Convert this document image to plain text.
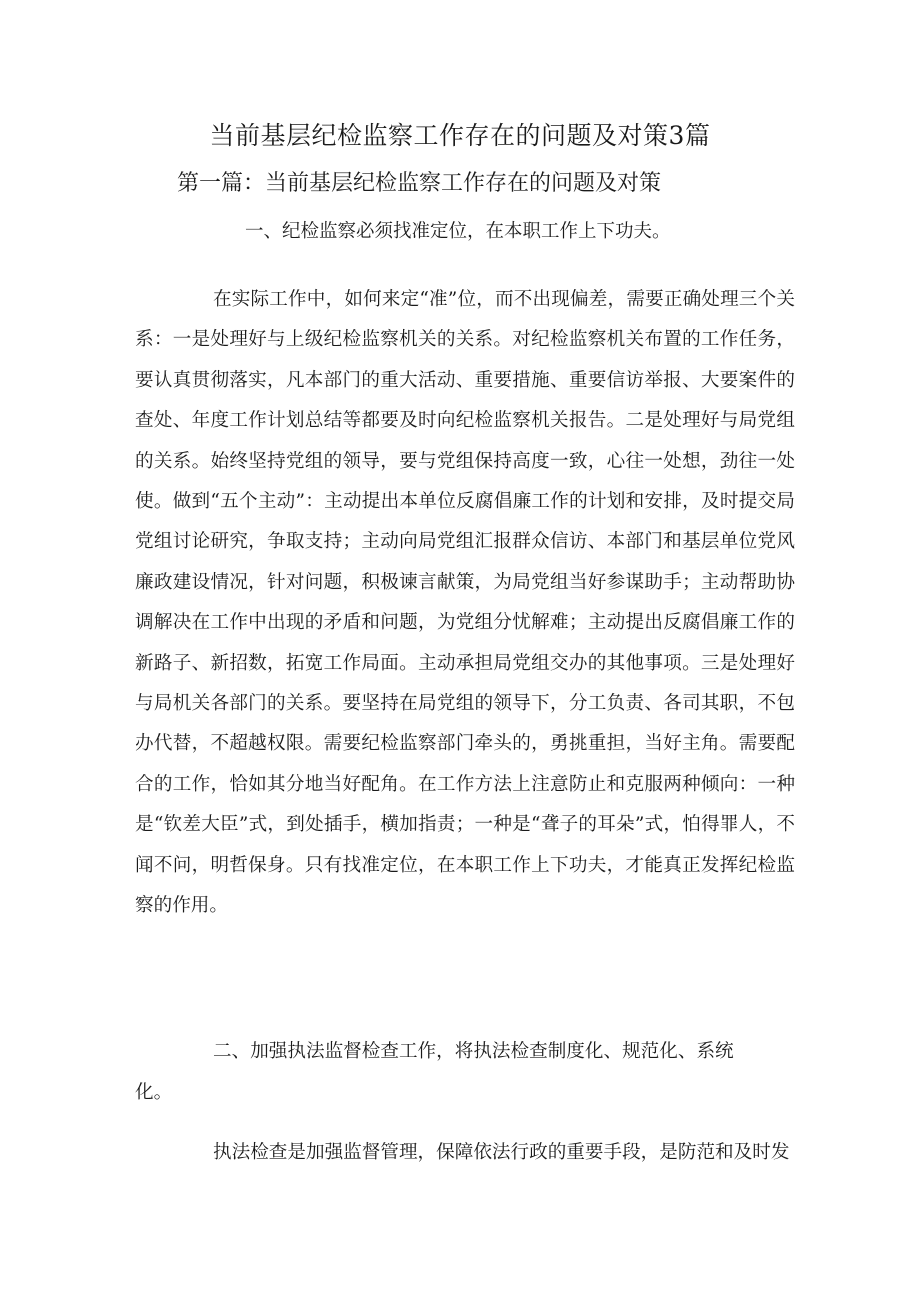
当前基层纪检监察工作存在的问题及对策3篇
第一篇：当前基层纪检监察工作存在的问题及对策

一、纪检监察必须找准定位，在本职工作上下功夫。

在实际工作中，如何来定“准”位，而不出现偏差，需要正确处理三个关系：一是处理好与上级纪检监察机关的关系。对纪检监察机关布置的工作任务，要认真贯彻落实，凡本部门的重大活动、重要措施、重要信访举报、大要案件的查处、年度工作计划总结等都要及时向纪检监察机关报告。二是处理好与局党组的关系。始终坚持党组的领导，要与党组保持高度一致，心往一处想，劲往一处使。做到“五个主动”：主动提出本单位反腐倡廉工作的计划和安排，及时提交局党组讨论研究，争取支持；主动向局党组汇报群众信访、本部门和基层单位党风廉政建设情况，针对问题，积极谏言献策，为局党组当好参谋助手；主动帮助协调解决在工作中出现的矛盾和问题，为党组分忧解难；主动提出反腐倡廉工作的新路子、新招数，拓宽工作局面。主动承担局党组交办的其他事项。三是处理好与局机关各部门的关系。要坚持在局党组的领导下，分工负责、各司其职，不包办代替，不超越权限。需要纪检监察部门牵头的，勇挑重担，当好主角。需要配合的工作，恰如其分地当好配角。在工作方法上注意防止和克服两种倾向：一种是“钦差大臣”式，到处插手，横加指责；一种是“聋子的耳朵”式，怕得罪人，不闻不问，明哲保身。只有找准定位，在本职工作上下功夫，才能真正发挥纪检监察的作用。

二、加强执法监督检查工作，将执法检查制度化、规范化、系统化。

执法检查是加强监督管理，保障依法行政的重要手段，是防范和及时发
